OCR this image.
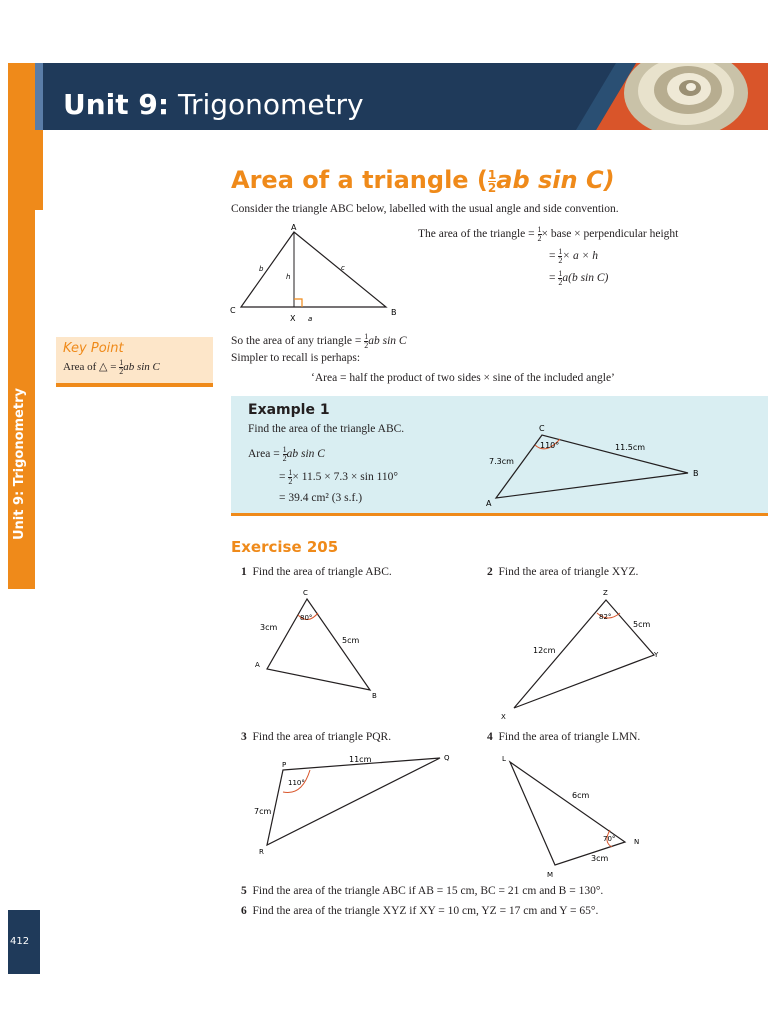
Unit 9: Trigonometry
Unit 9: Trigonometry
412
Area of a triangle ( $\frac{1}{2}$ ab sin C)
Consider the triangle ABC below, labelled with the usual angle and side convention.
A
C	B
X a
b	c
h
The area of the triangle = $\frac{1}{2}$ × base × perpendicular height
= $\frac{1}{2} \times a \times h$
= $\frac{1}{2} a(b$ sin C)
So the area of any triangle = $\frac{1}{2}$ ab sin C
Simpler to recall is perhaps:
‘Area = half the product of two sides × sine of the included angle’
Key Point
Area of △ = $\frac{1}{2}$ ab sin C
Example 1
Find the area of the triangle ABC.
Area = $\frac{1}{2}$ ab sin C
= $\frac{1}{2} \times 11.5 \times 7.3 \times \sin 110^\circ$
= 39.4 cm² (3 s.f.)
C
A
B
7.3cm
11.5cm
110°
Exercise 205
1 Find the area of triangle ABC.	2 Find the area of triangle XYZ.
C
A
B
3cm
5cm
80°
Z
X
Y
12cm
5cm
82°
3 Find the area of triangle PQR.	4 Find the area of triangle LMN.
P
Q
R
11cm
7cm
110°
L
M
N
6cm
3cm
70°
5 Find the area of the triangle ABC if AB = 15 cm, BC = 21 cm and B = 130°.
6 Find the area of the triangle XYZ if XY = 10 cm, YZ = 17 cm and Y = 65°.
